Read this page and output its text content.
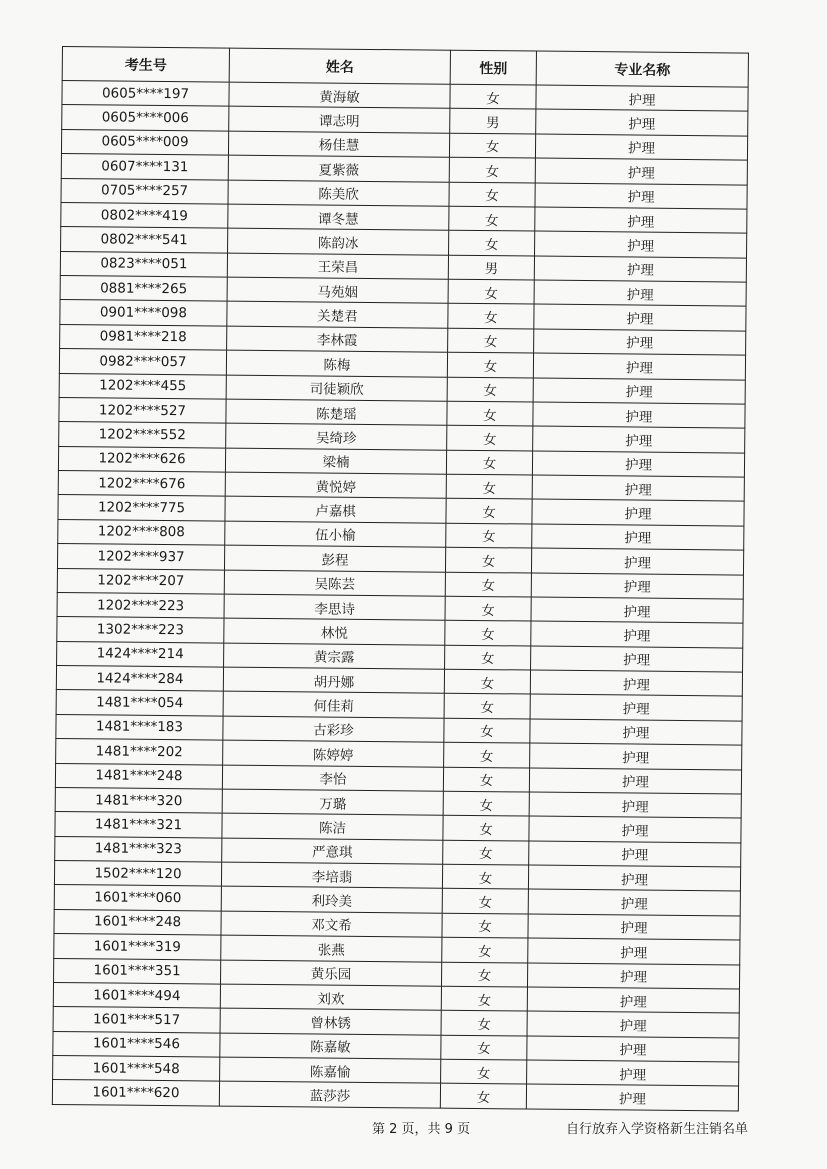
考生号	姓名	性别	专业名称
0605****197	黄海敏	女	护理
0605****006	谭志明	男	护理
0605****009	杨佳慧	女	护理
0607****131	夏紫薇	女	护理
0705****257	陈美欣	女	护理
0802****419	谭冬慧	女	护理
0802****541	陈韵冰	女	护理
0823****051	王荣昌	男	护理
0881****265	马苑姻	女	护理
0901****098	关楚君	女	护理
0981****218	李林霞	女	护理
0982****057	陈梅	女	护理
1202****455	司徒颖欣	女	护理
1202****527	陈楚瑶	女	护理
1202****552	吴绮珍	女	护理
1202****626	梁楠	女	护理
1202****676	黄悦婷	女	护理
1202****775	卢嘉棋	女	护理
1202****808	伍小榆	女	护理
1202****937	彭程	女	护理
1202****207	吴陈芸	女	护理
1202****223	李思诗	女	护理
1302****223	林悦	女	护理
1424****214	黄宗露	女	护理
1424****284	胡丹娜	女	护理
1481****054	何佳莉	女	护理
1481****183	古彩珍	女	护理
1481****202	陈婷婷	女	护理
1481****248	李怡	女	护理
1481****320	万璐	女	护理
1481****321	陈洁	女	护理
1481****323	严意琪	女	护理
1502****120	李培翡	女	护理
1601****060	利玲美	女	护理
1601****248	邓文希	女	护理
1601****319	张燕	女	护理
1601****351	黄乐园	女	护理
1601****494	刘欢	女	护理
1601****517	曾林锈	女	护理
1601****546	陈嘉敏	女	护理
1601****548	陈嘉愉	女	护理
1601****620	蓝莎莎	女	护理
第 2 页，共 9 页	自行放弃入学资格新生注销名单
